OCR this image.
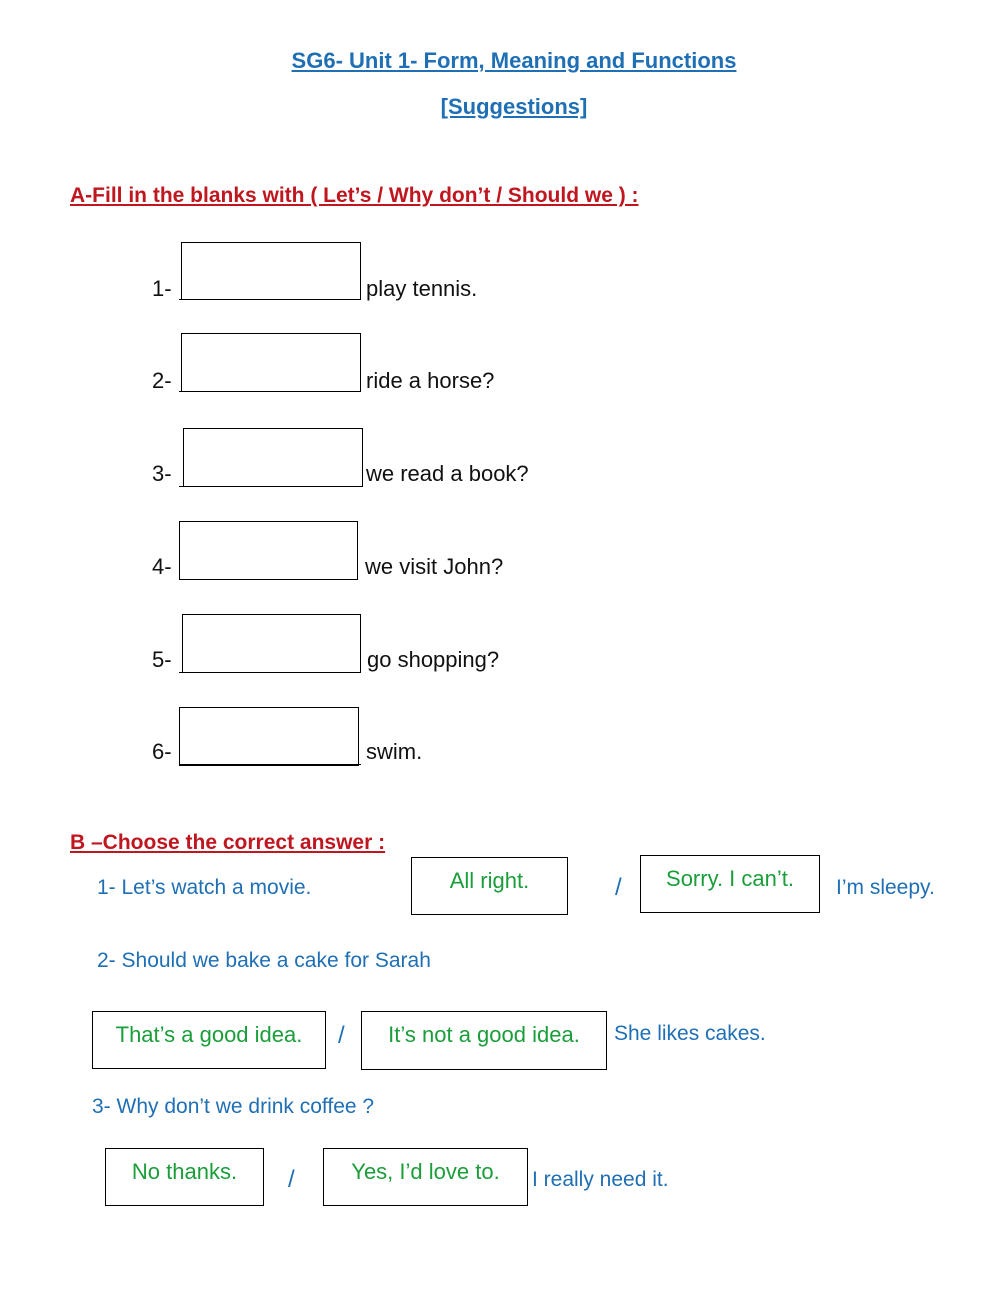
SG6- Unit 1- Form, Meaning and Functions
[Suggestions]
A-Fill in the blanks with ( Let’s / Why don’t / Should we ) :
1-	play tennis.
2-	ride a horse?
3-	we read a book?
4-	we visit John?
5-	go shopping?
6-	swim.
B –Choose the correct answer :
1- Let’s watch a movie.	All right.	/	Sorry. I can’t.	I’m sleepy.
2- Should we bake a cake for Sarah
That’s a good idea.	/	It’s not a good idea.	She likes cakes.
3- Why don’t we drink coffee ?
No thanks.	/	Yes, I’d love to.	I really need it.
